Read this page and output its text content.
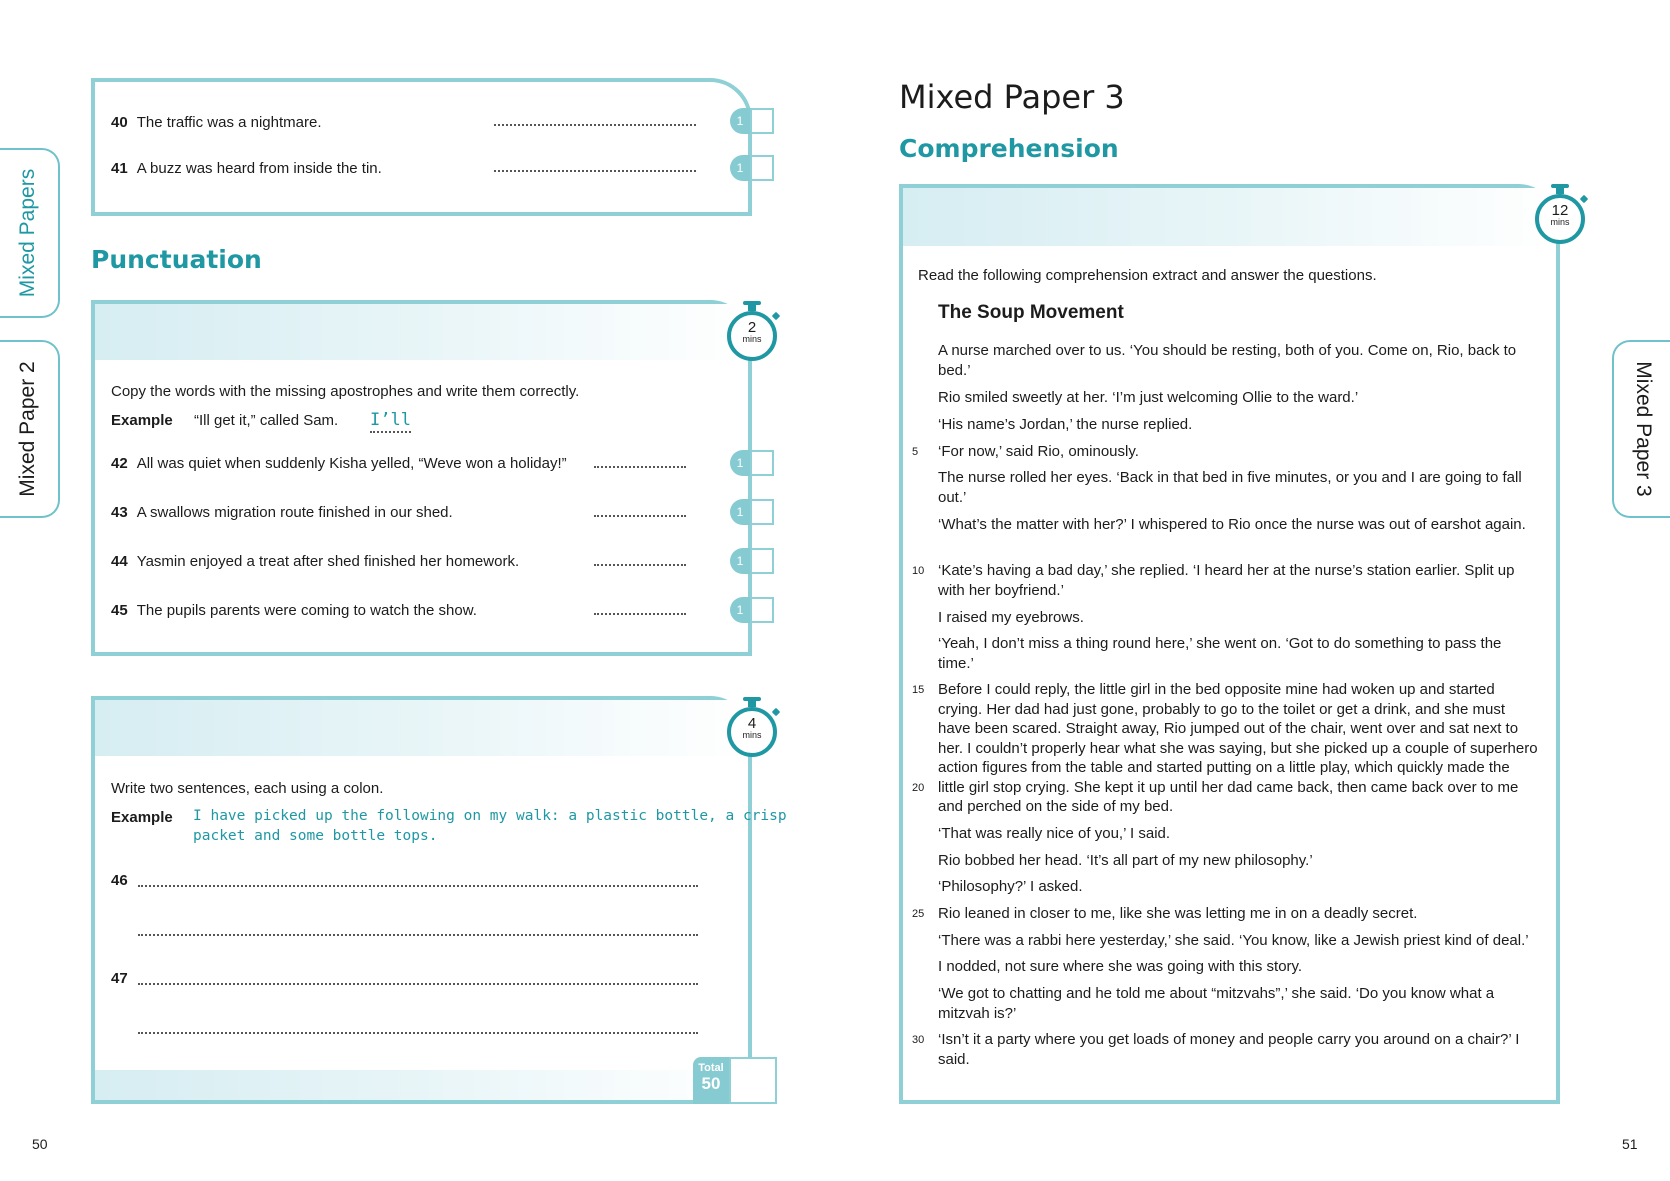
Mixed Papers
Mixed Paper 2
40 The traffic was a nightmare.	1
41 A buzz was heard from inside the tin.	1
Punctuation
2
mins
Copy the words with the missing apostrophes and write them correctly.
Example “Ill get it,” called Sam. I’ll
42 All was quiet when suddenly Kisha yelled, “Weve won a holiday!”	1
43 A swallows migration route finished in our shed.	1
44 Yasmin enjoyed a treat after shed finished her homework.	1
45 The pupils parents were coming to watch the show.	1
4
mins
Write two sentences, each using a colon.
Example I have picked up the following on my walk: a plastic bottle, a crisp
packet and some bottle tops.
46
47
Total
50
50
Mixed Paper 3
Comprehension
Mixed Paper 3
12
mins
Read the following comprehension extract and answer the questions.
The Soup Movement
A nurse marched over to us. ‘You should be resting, both of you. Come on, Rio, back to bed.’
Rio smiled sweetly at her. ‘I’m just welcoming Ollie to the ward.’
‘His name’s Jordan,’ the nurse replied.
‘For now,’ said Rio, ominously.
The nurse rolled her eyes. ‘Back in that bed in five minutes, or you and I are going to fall out.’
‘What’s the matter with her?’ I whispered to Rio once the nurse was out of earshot again.
‘Kate’s having a bad day,’ she replied. ‘I heard her at the nurse’s station earlier. Split up with her boyfriend.’
I raised my eyebrows.
‘Yeah, I don’t miss a thing round here,’ she went on. ‘Got to do something to pass the time.’
Before I could reply, the little girl in the bed opposite mine had woken up and started crying. Her dad had just gone, probably to go to the toilet or get a drink, and she must have been scared. Straight away, Rio jumped out of the chair, went over and sat next to her. I couldn’t properly hear what she was saying, but she picked up a couple of superhero action figures from the table and started putting on a little play, which quickly made the little girl stop crying. She kept it up until her dad came back, then came back over to me and perched on the side of my bed.
‘That was really nice of you,’ I said.
Rio bobbed her head. ‘It’s all part of my new philosophy.’
‘Philosophy?’ I asked.
Rio leaned in closer to me, like she was letting me in on a deadly secret.
‘There was a rabbi here yesterday,’ she said. ‘You know, like a Jewish priest kind of deal.’
I nodded, not sure where she was going with this story.
‘We got to chatting and he told me about “mitzvahs”,’ she said. ‘Do you know what a mitzvah is?’
‘Isn’t it a party where you get loads of money and people carry you around on a chair?’ I said.
5
10
15
20
25
30
51
